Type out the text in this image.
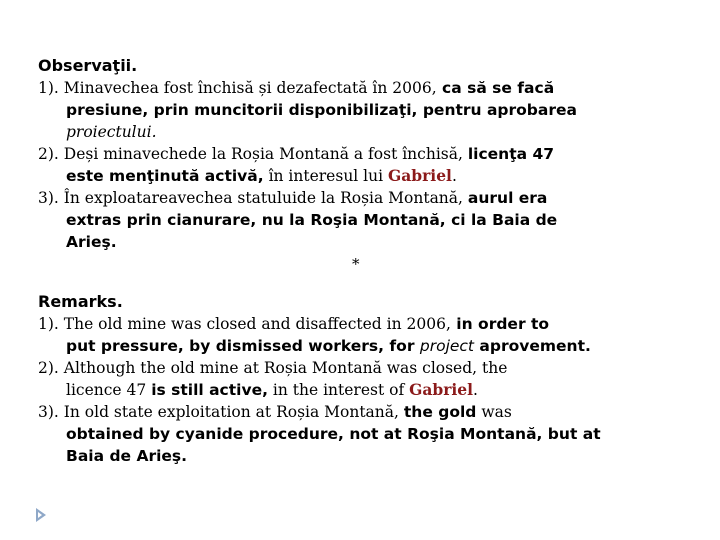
Observaţii.
1). Minavechea fost închisă și dezafectată în 2006, ca să se facă
presiune, prin muncitorii disponibilizaţi, pentru aprobarea
proiectului.
2). Deși minavechede la Roșia Montană a fost închisă, licenţa 47
este menţinută activă, în interesul lui Gabriel.
3). În exploatareavechea statuluide la Roșia Montană, aurul era
extras prin cianurare, nu la Roşia Montană, ci la Baia de
Arieş.
*
Remarks.
1). The old mine was closed and disaffected in 2006, in order to
put pressure, by dismissed workers, for project aprovement.
2). Although the old mine at Roșia Montană was closed, the
licence 47 is still active, in the interest of Gabriel.
3). In old state exploitation at Roșia Montană, the gold was
obtained by cyanide procedure, not at Roşia Montană, but at
Baia de Arieş.
